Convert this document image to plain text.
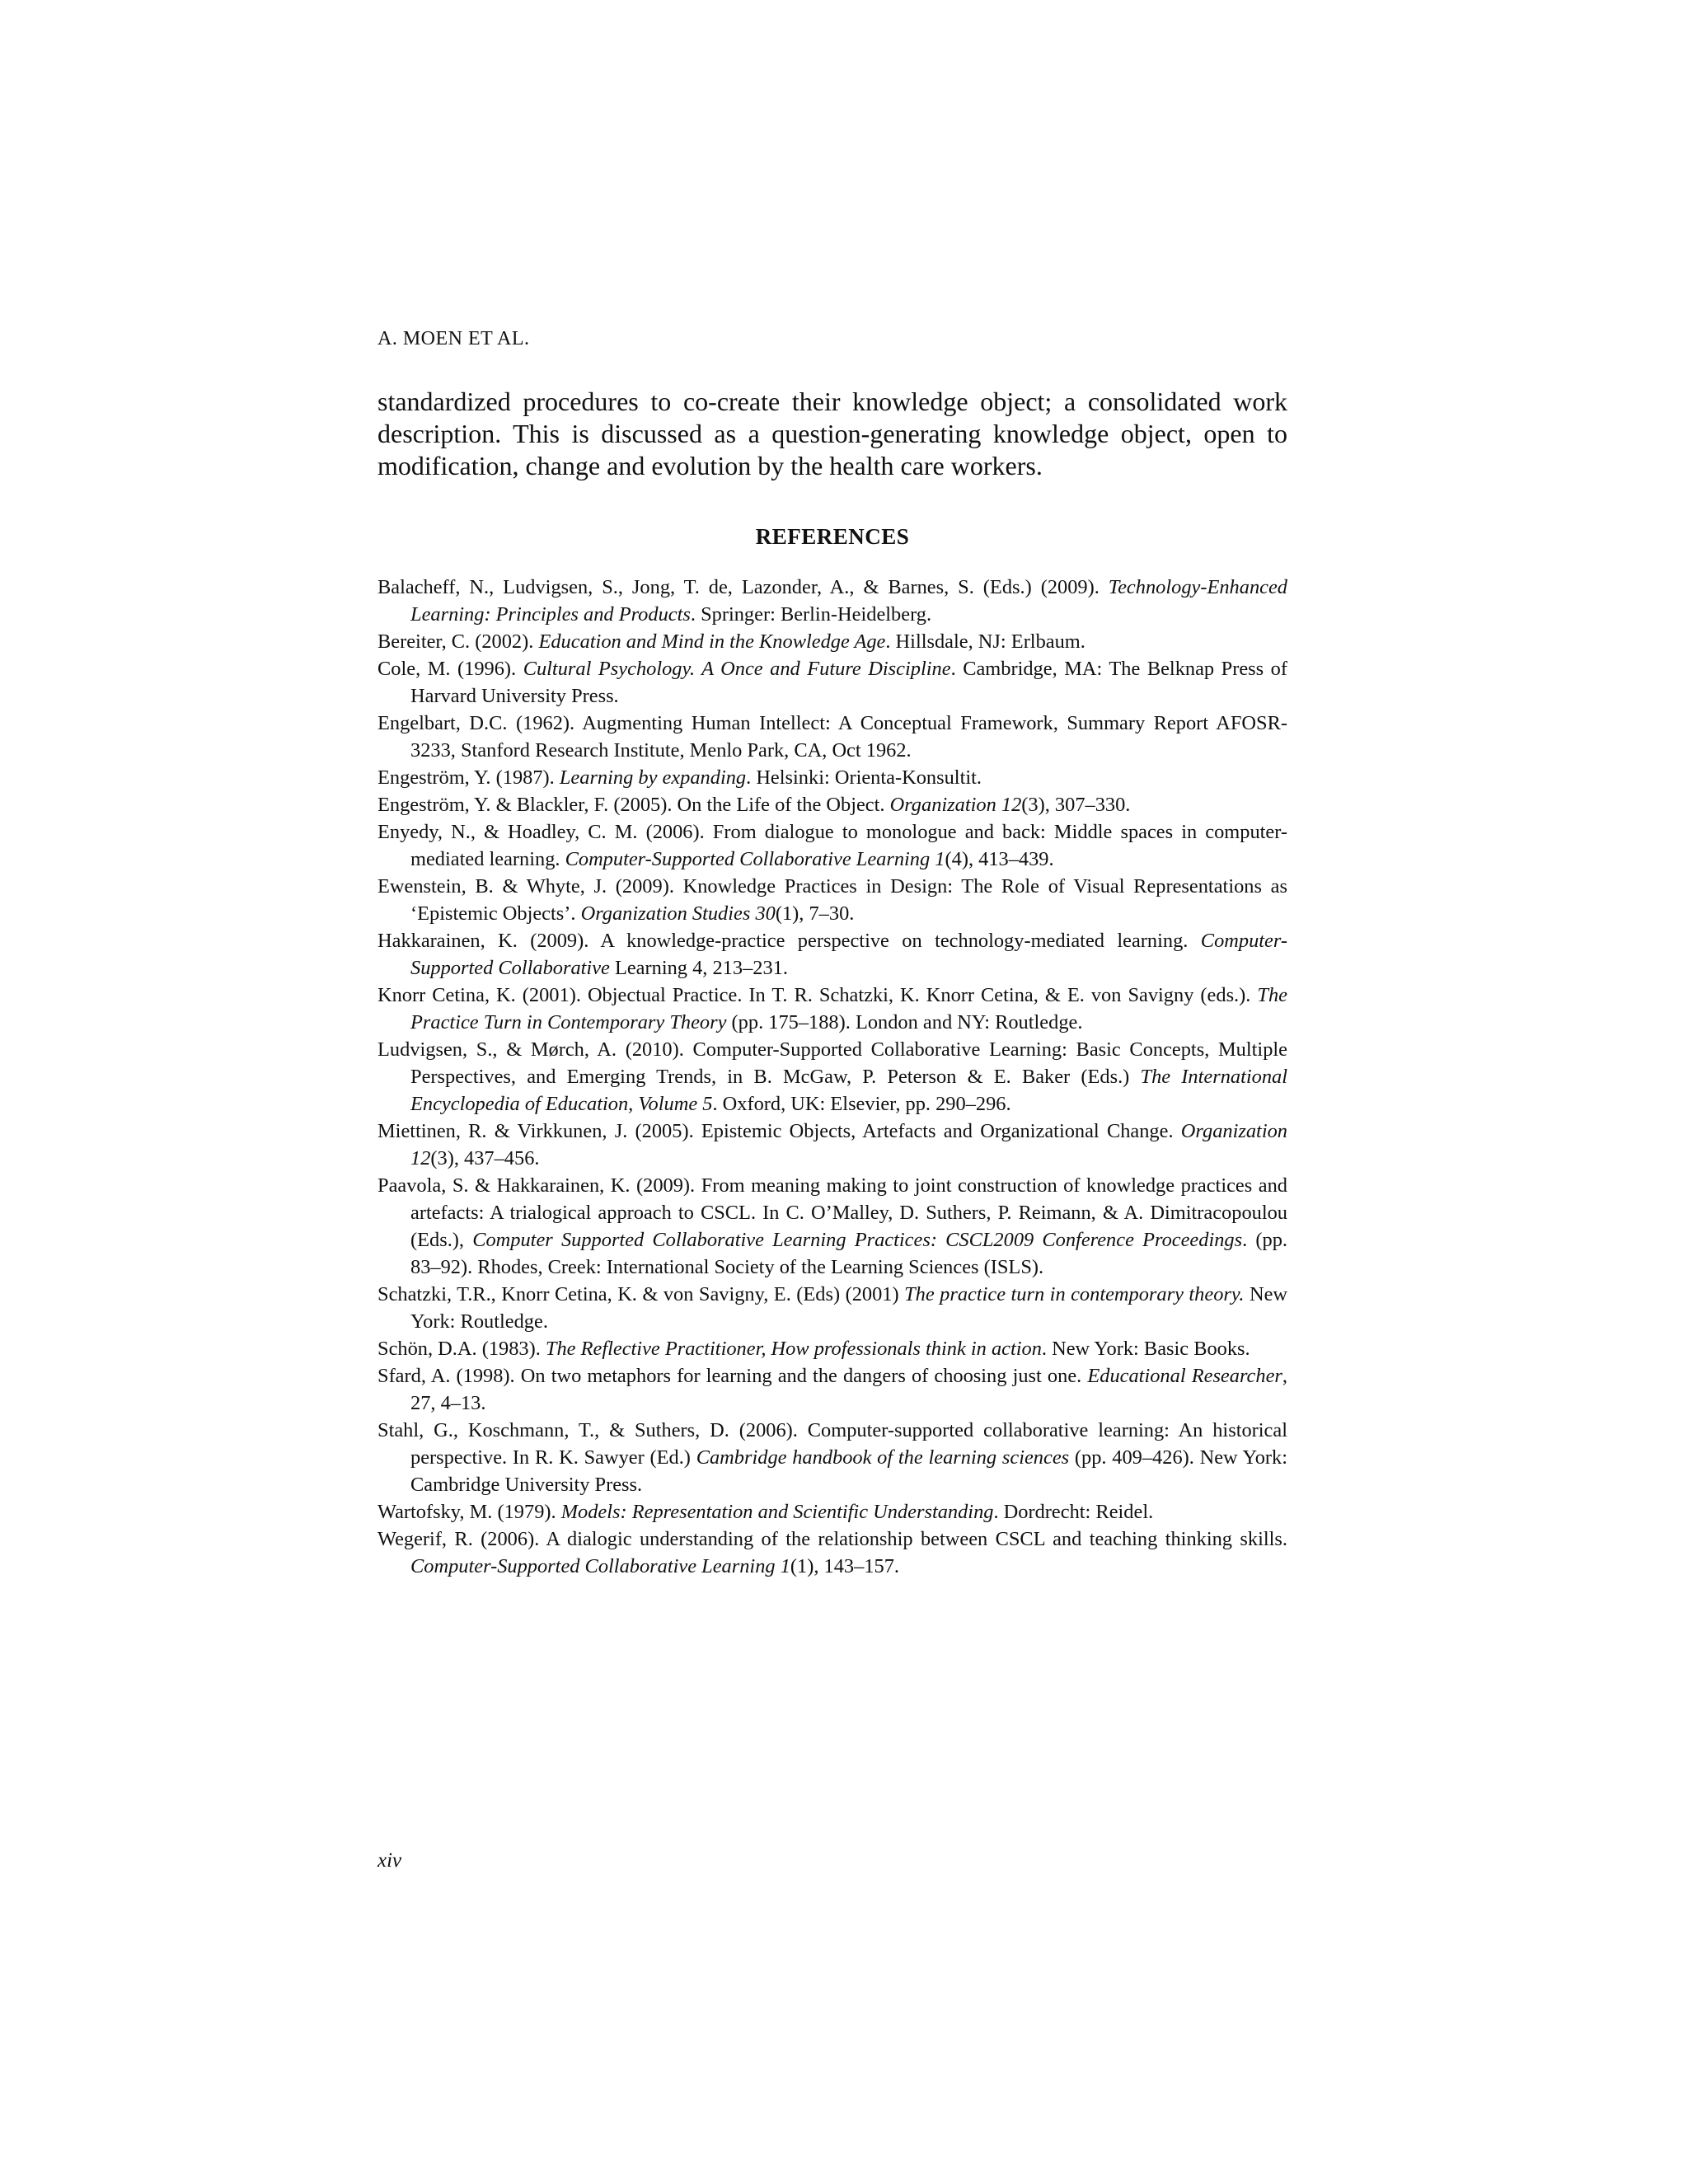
A. MOEN ET AL.

standardized procedures to co-create their knowledge object; a consolidated work description. This is discussed as a question-generating knowledge object, open to modification, change and evolution by the health care workers.

REFERENCES
Balacheff, N., Ludvigsen, S., Jong, T. de, Lazonder, A., & Barnes, S. (Eds.) (2009). Technology-Enhanced Learning: Principles and Products. Springer: Berlin-Heidelberg.
Bereiter, C. (2002). Education and Mind in the Knowledge Age. Hillsdale, NJ: Erlbaum.
Cole, M. (1996). Cultural Psychology. A Once and Future Discipline. Cambridge, MA: The Belknap Press of Harvard University Press.
Engelbart, D.C. (1962). Augmenting Human Intellect: A Conceptual Framework, Summary Report AFOSR-3233, Stanford Research Institute, Menlo Park, CA, Oct 1962.
Engeström, Y. (1987). Learning by expanding. Helsinki: Orienta-Konsultit.
Engeström, Y. & Blackler, F. (2005). On the Life of the Object. Organization 12(3), 307–330.
Enyedy, N., & Hoadley, C. M. (2006). From dialogue to monologue and back: Middle spaces in computer-mediated learning. Computer-Supported Collaborative Learning 1(4), 413–439.
Ewenstein, B. & Whyte, J. (2009). Knowledge Practices in Design: The Role of Visual Representations as ‘Epistemic Objects’. Organization Studies 30(1), 7–30.
Hakkarainen, K. (2009). A knowledge-practice perspective on technology-mediated learning. Computer-Supported Collaborative Learning 4, 213–231.
Knorr Cetina, K. (2001). Objectual Practice. In T. R. Schatzki, K. Knorr Cetina, & E. von Savigny (eds.). The Practice Turn in Contemporary Theory (pp. 175–188). London and NY: Routledge.
Ludvigsen, S., & Mørch, A. (2010). Computer-Supported Collaborative Learning: Basic Concepts, Multiple Perspectives, and Emerging Trends, in B. McGaw, P. Peterson & E. Baker (Eds.) The International Encyclopedia of Education, Volume 5. Oxford, UK: Elsevier, pp. 290–296.
Miettinen, R. & Virkkunen, J. (2005). Epistemic Objects, Artefacts and Organizational Change. Organization 12(3), 437–456.
Paavola, S. & Hakkarainen, K. (2009). From meaning making to joint construction of knowledge practices and artefacts: A trialogical approach to CSCL. In C. O’Malley, D. Suthers, P. Reimann, & A. Dimitracopoulou (Eds.), Computer Supported Collaborative Learning Practices: CSCL2009 Conference Proceedings. (pp. 83–92). Rhodes, Creek: International Society of the Learning Sciences (ISLS).
Schatzki, T.R., Knorr Cetina, K. & von Savigny, E. (Eds) (2001) The practice turn in contemporary theory. New York: Routledge.
Schön, D.A. (1983). The Reflective Practitioner, How professionals think in action. New York: Basic Books.
Sfard, A. (1998). On two metaphors for learning and the dangers of choosing just one. Educational Researcher, 27, 4–13.
Stahl, G., Koschmann, T., & Suthers, D. (2006). Computer-supported collaborative learning: An historical perspective. In R. K. Sawyer (Ed.) Cambridge handbook of the learning sciences (pp. 409–426). New York: Cambridge University Press.
Wartofsky, M. (1979). Models: Representation and Scientific Understanding. Dordrecht: Reidel.
Wegerif, R. (2006). A dialogic understanding of the relationship between CSCL and teaching thinking skills. Computer-Supported Collaborative Learning 1(1), 143–157.
xiv
